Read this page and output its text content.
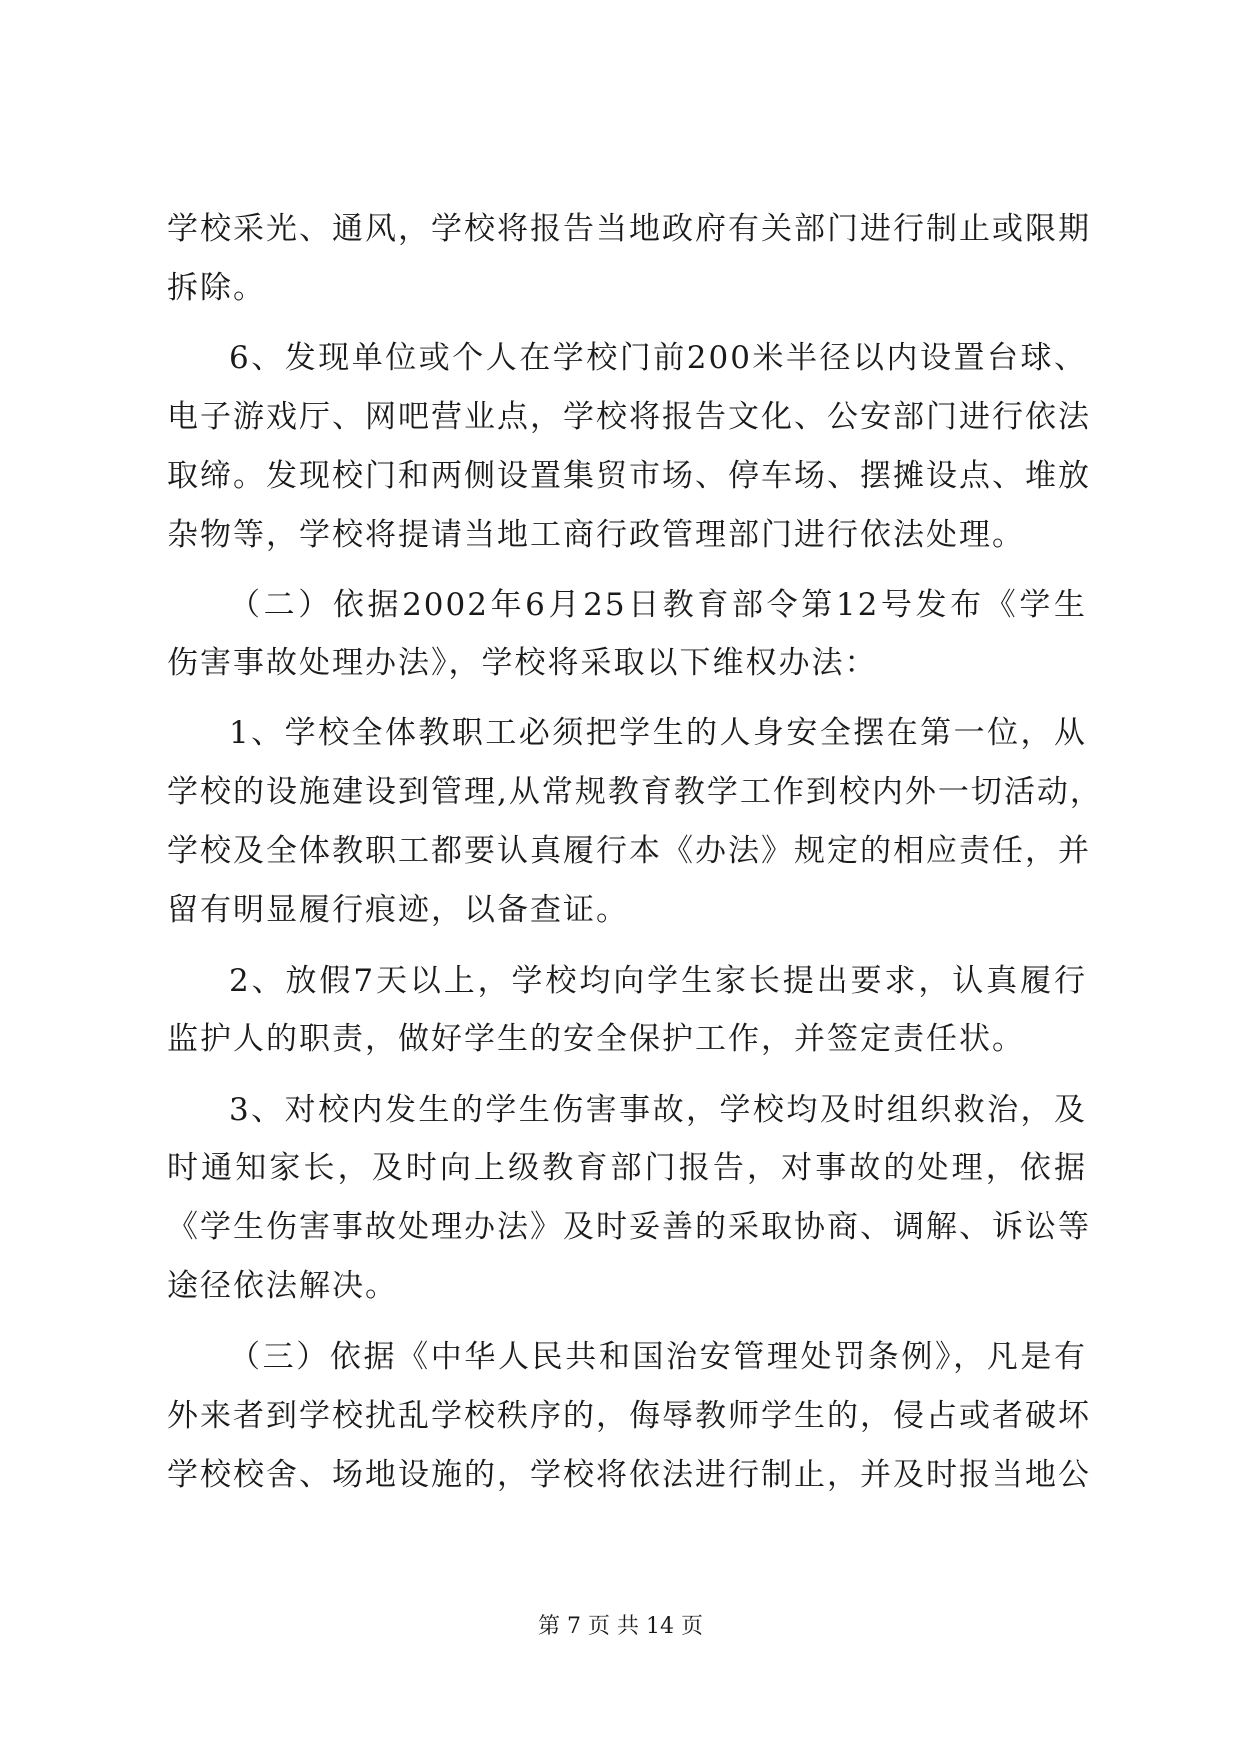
学校采光、通风，学校将报告当地政府有关部门进行制止或限期
拆除。
6、发现单位或个人在学校门前200米半径以内设置台球、
电子游戏厅、网吧营业点，学校将报告文化、公安部门进行依法
取缔。发现校门和两侧设置集贸市场、停车场、摆摊设点、堆放
杂物等，学校将提请当地工商行政管理部门进行依法处理。
（二）依据2002年6月25日教育部令第12号发布《学生
伤害事故处理办法》，学校将采取以下维权办法：
1、学校全体教职工必须把学生的人身安全摆在第一位，从
学校的设施建设到管理,从常规教育教学工作到校内外一切活动，
学校及全体教职工都要认真履行本《办法》规定的相应责任，并
留有明显履行痕迹，以备查证。
2、放假7天以上，学校均向学生家长提出要求，认真履行
监护人的职责，做好学生的安全保护工作，并签定责任状。
3、对校内发生的学生伤害事故，学校均及时组织救治，及
时通知家长，及时向上级教育部门报告，对事故的处理，依据
《学生伤害事故处理办法》及时妥善的采取协商、调解、诉讼等
途径依法解决。
（三）依据《中华人民共和国治安管理处罚条例》，凡是有
外来者到学校扰乱学校秩序的，侮辱教师学生的，侵占或者破坏
学校校舍、场地设施的，学校将依法进行制止，并及时报当地公
第 7 页 共 14 页
